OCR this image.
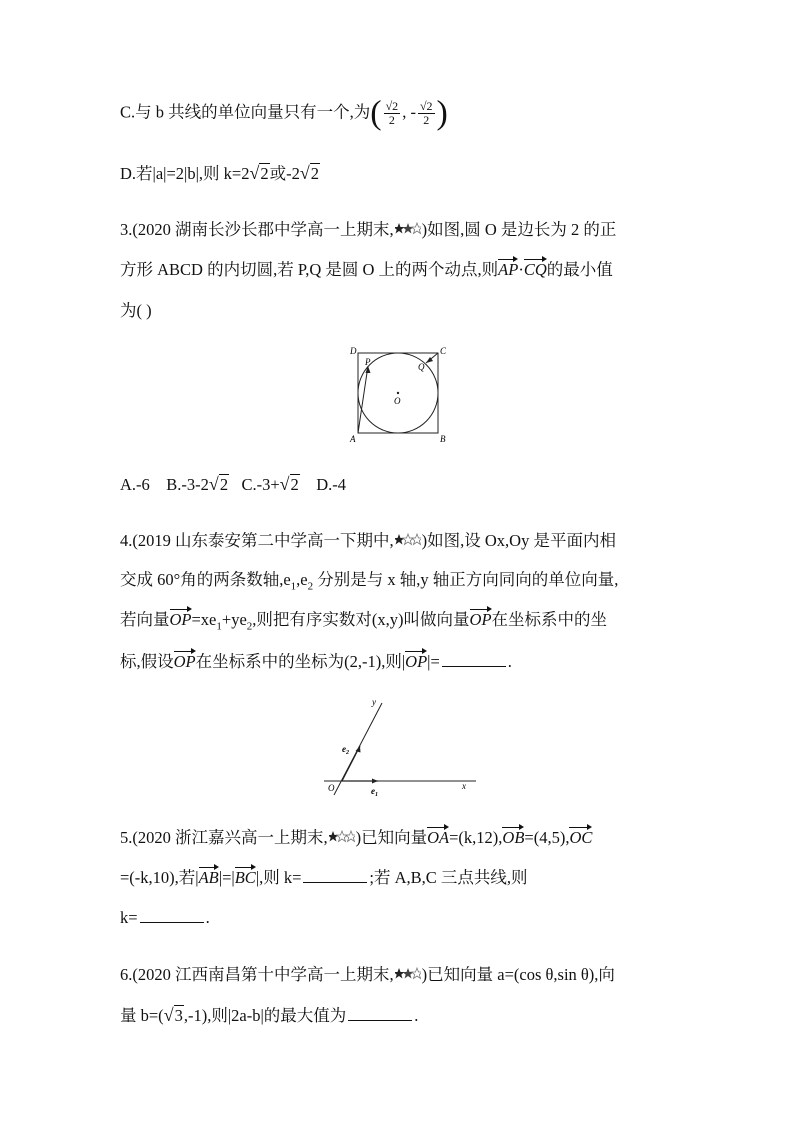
C.与 b 共线的单位向量只有一个,为( $\frac{√2}{2}$ , - $\frac{√2}{2}$ )
D.若|a|=2|b|,则 k=2√2或-2√2
3.(2020 湖南长沙长郡中学高一上期末, )如图,圆 O 是边长为 2 的正
方形 ABCD 的内切圆,若 P,Q 是圆 O 上的两个动点,则AP·CQ的最小值
为( )
D	C
A	B
P	Q
O
A.-6 B.-3-2√2 C.-3+√2 D.-4
4.(2019 山东泰安第二中学高一下期中, )如图,设 Ox,Oy 是平面内相
交成 60°角的两条数轴$,e_1,e_2$ 分别是与 x 轴,y 轴正方向同向的单位向量,
若向量$OP=xe_1+ye_2$,则把有序实数对(x,y)叫做向量OP在坐标系中的坐
标,假设OP在坐标系中的坐标为(2,-1),则|OP|=	.
y
x
O	$e_1$
$e_2$
5.(2020 浙江嘉兴高一上期末, )已知向量OA=(k,12),OB=(4,5),OC
=(-k,10),若|AB|=|BC|,则 k=	;若 A,B,C 三点共线,则
k=	.
6.(2020 江西南昌第十中学高一上期末, )已知向量 a=(cos θ,sin θ),向
量 b=(√3,-1),则|2a-b|的最大值为	.
